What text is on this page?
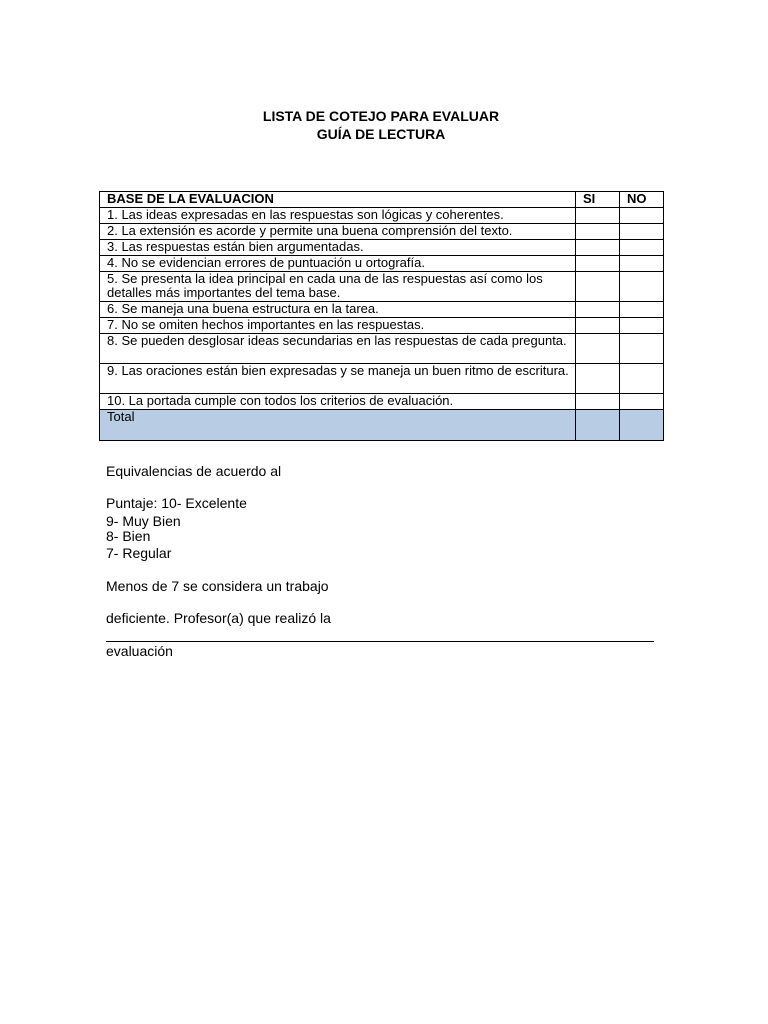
LISTA DE COTEJO PARA EVALUAR
GUÍA DE LECTURA
BASE DE LA EVALUACION	SI	NO
1. Las ideas expresadas en las respuestas son lógicas y coherentes.		
2. La extensión es acorde y permite una buena comprensión del texto.		
3. Las respuestas están bien argumentadas.		
4. No se evidencian errores de puntuación u ortografía.		
5. Se presenta la idea principal en cada una de las respuestas así como los detalles más importantes del tema base.		
6. Se maneja una buena estructura en la tarea.		
7. No se omiten hechos importantes en las respuestas.		
8. Se pueden desglosar ideas secundarias en las respuestas de cada pregunta.		
9. Las oraciones están bien expresadas y se maneja un buen ritmo de escritura.		
10. La portada cumple con todos los criterios de evaluación.		
Total		
Equivalencias de acuerdo al
Puntaje: 10- Excelente
9- Muy Bien
8- Bien
7- Regular
Menos de 7 se considera un trabajo
deficiente. Profesor(a) que realizó la
evaluación
